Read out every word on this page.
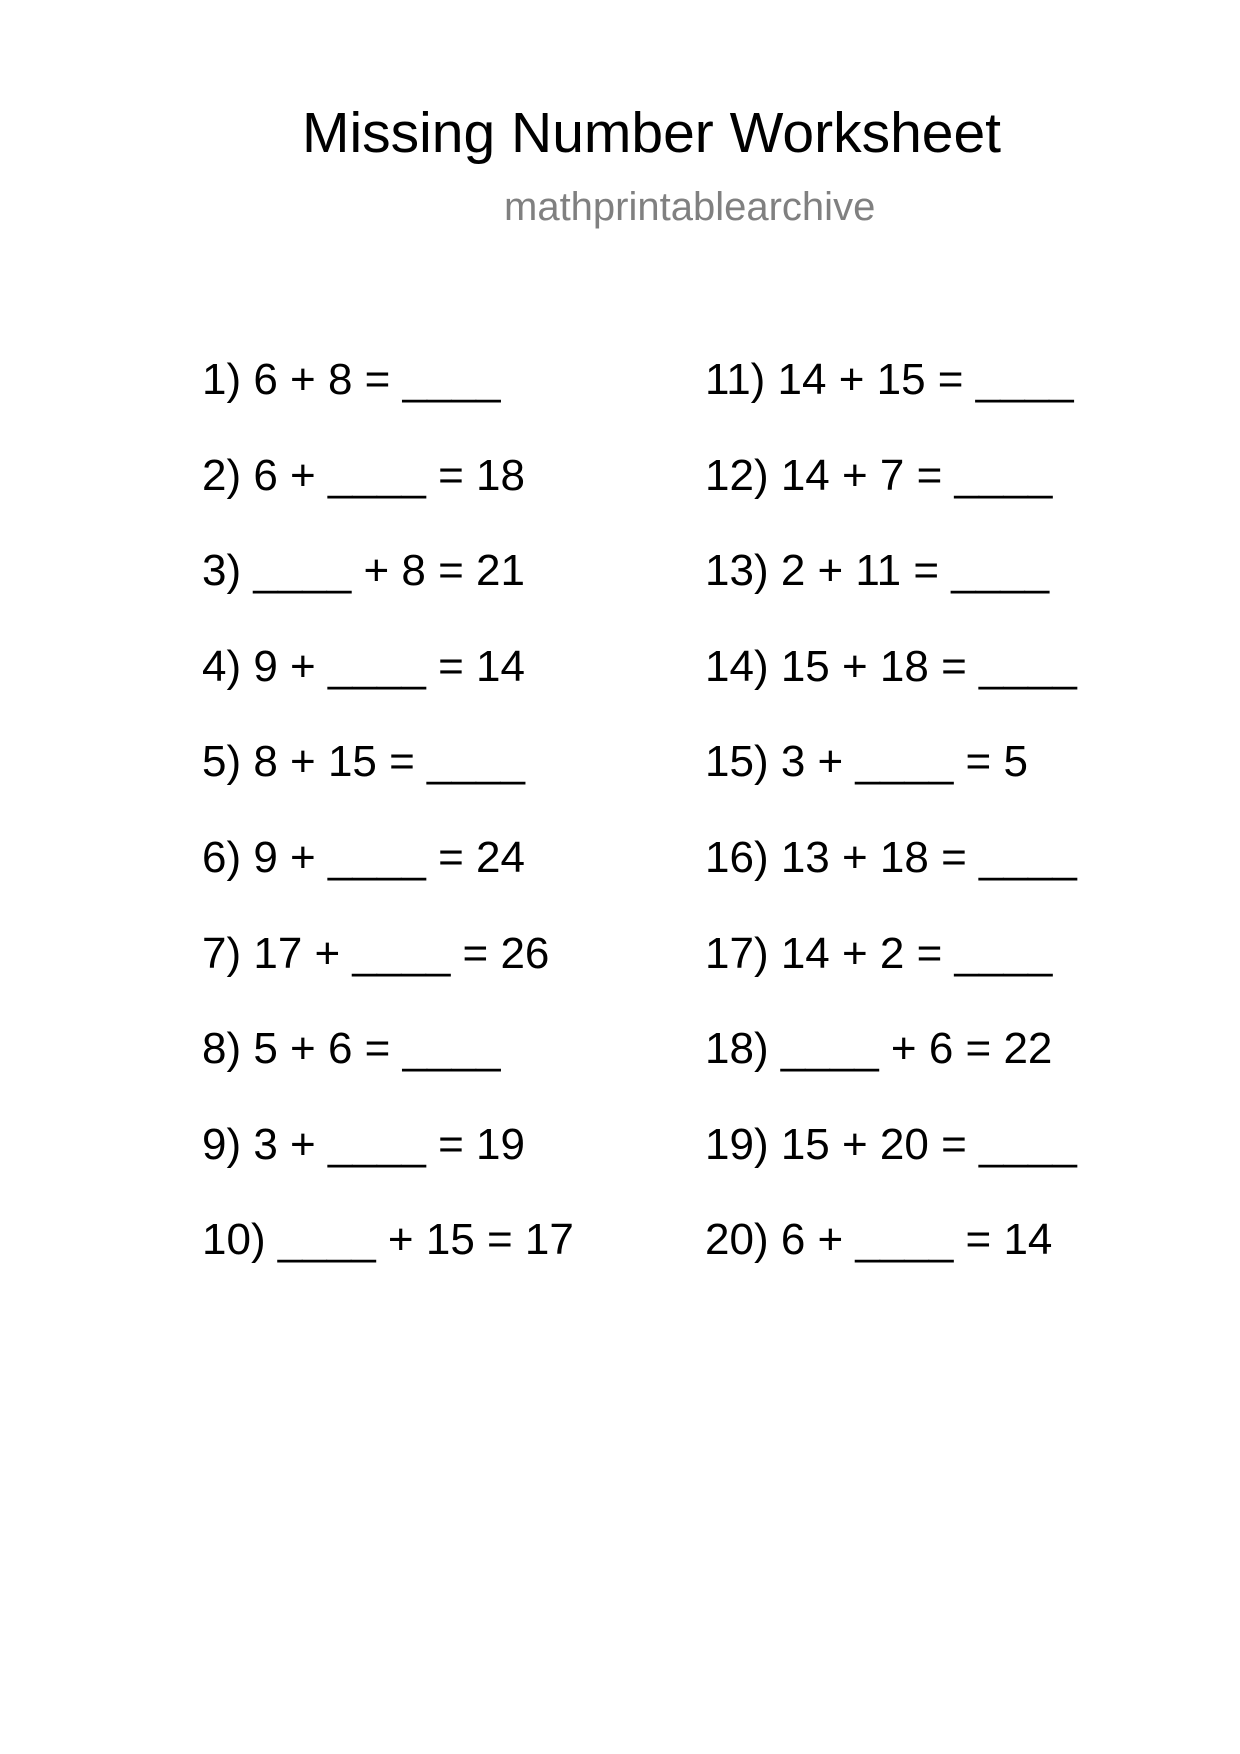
Missing Number Worksheet
mathprintablearchive
1) 6 + 8 = ____
2) 6 + ____ = 18
3) ____ + 8 = 21
4) 9 + ____ = 14
5) 8 + 15 = ____
6) 9 + ____ = 24
7) 17 + ____ = 26
8) 5 + 6 = ____
9) 3 + ____ = 19
10) ____ + 15 = 17
11) 14 + 15 = ____
12) 14 + 7 = ____
13) 2 + 11 = ____
14) 15 + 18 = ____
15) 3 + ____ = 5
16) 13 + 18 = ____
17) 14 + 2 = ____
18) ____ + 6 = 22
19) 15 + 20 = ____
20) 6 + ____ = 14
